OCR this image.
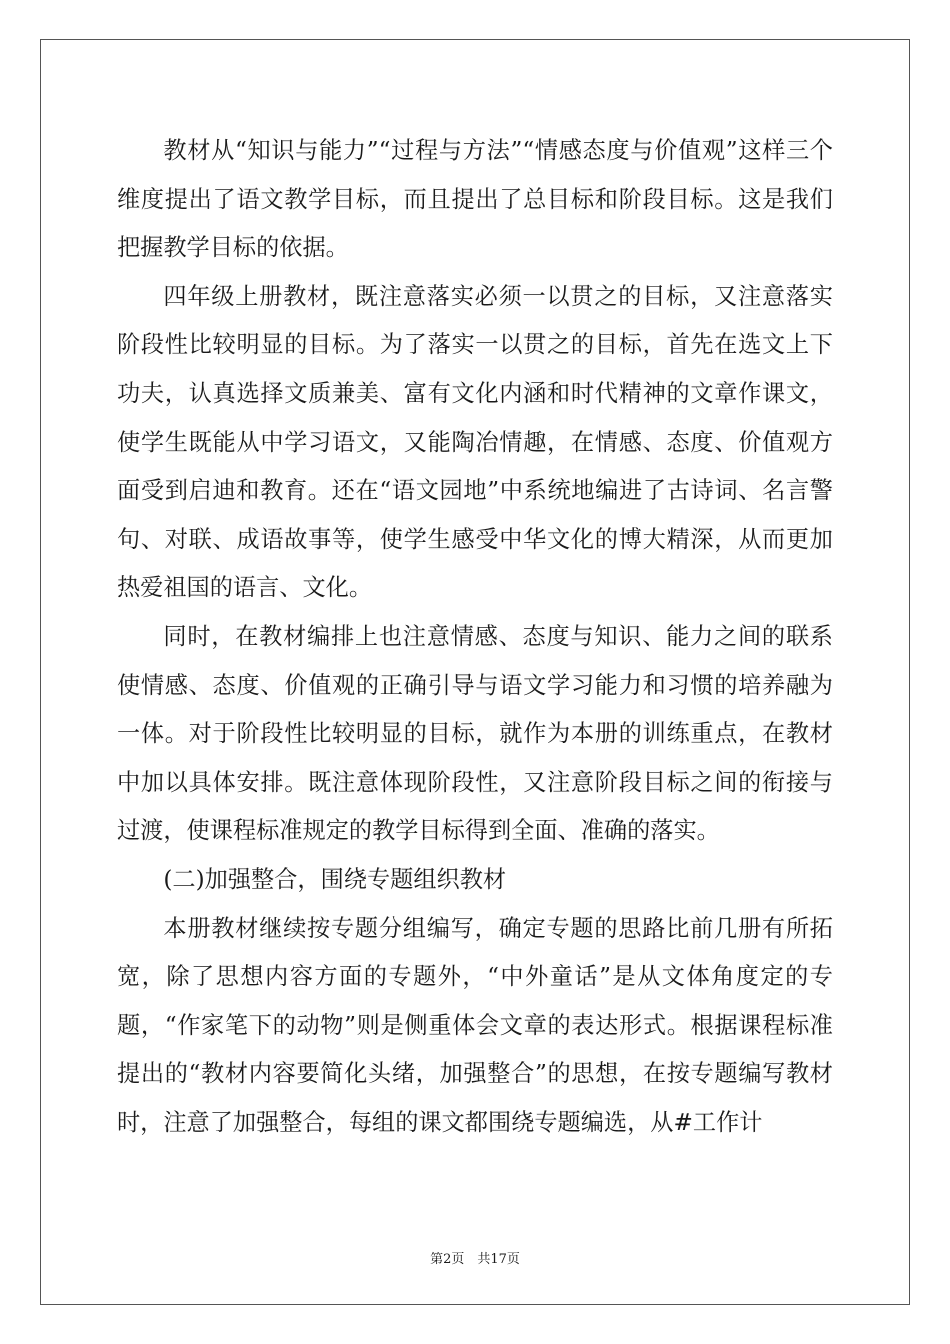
教材从“知识与能力”“过程与方法”“情感态度与价值观”这样三个维度提出了语文教学目标，而且提出了总目标和阶段目标。这是我们把握教学目标的依据。

四年级上册教材，既注意落实必须一以贯之的目标，又注意落实阶段性比较明显的目标。为了落实一以贯之的目标，首先在选文上下功夫，认真选择文质兼美、富有文化内涵和时代精神的文章作课文，使学生既能从中学习语文，又能陶冶情趣，在情感、态度、价值观方面受到启迪和教育。还在“语文园地”中系统地编进了古诗词、名言警句、对联、成语故事等，使学生感受中华文化的博大精深，从而更加热爱祖国的语言、文化。

同时，在教材编排上也注意情感、态度与知识、能力之间的联系使情感、态度、价值观的正确引导与语文学习能力和习惯的培养融为一体。对于阶段性比较明显的目标，就作为本册的训练重点，在教材中加以具体安排。既注意体现阶段性，又注意阶段目标之间的衔接与过渡，使课程标准规定的教学目标得到全面、准确的落实。

(二)加强整合，围绕专题组织教材

本册教材继续按专题分组编写，确定专题的思路比前几册有所拓宽，除了思想内容方面的专题外，“中外童话”是从文体角度定的专题，“作家笔下的动物”则是侧重体会文章的表达形式。根据课程标准提出的“教材内容要简化头绪，加强整合”的思想，在按专题编写教材时，注意了加强整合，每组的课文都围绕专题编选，从#工作计

第2页　共17页
